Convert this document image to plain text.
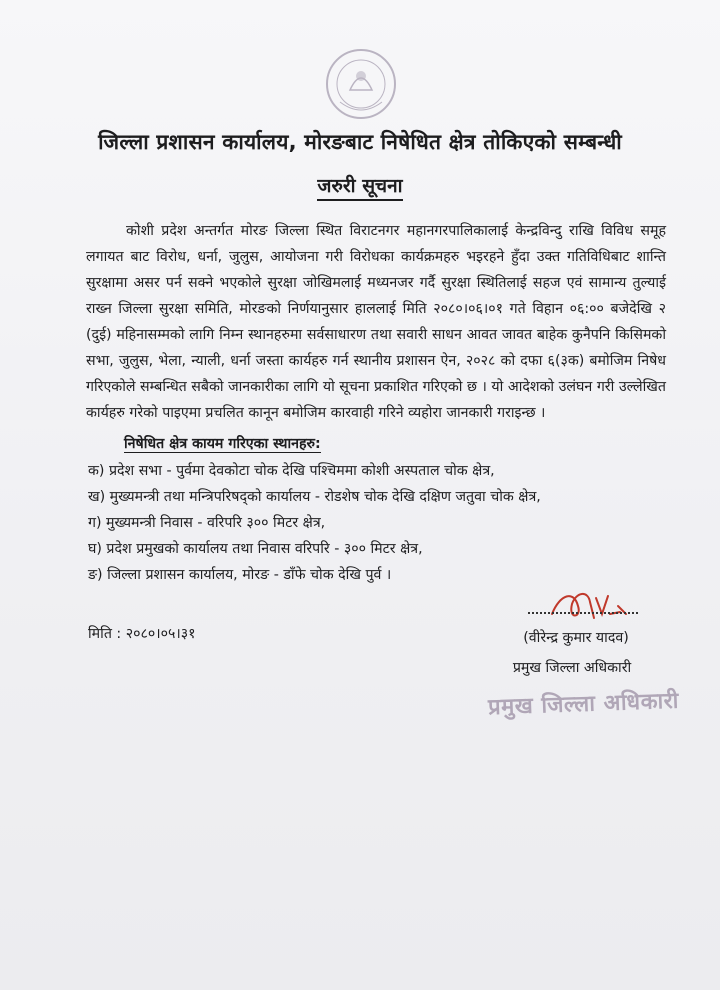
जिल्ला प्रशासन कार्यालय, मोरङबाट निषेधित क्षेत्र तोकिएको सम्बन्धी
जरुरी सूचना

कोशी प्रदेश अन्तर्गत मोरङ जिल्ला स्थित विराटनगर महानगरपालिकालाई केन्द्रविन्दु राखि विविध समूह लगायत बाट विरोध, धर्ना, जुलुस, आयोजना गरी विरोधका कार्यक्रमहरु भइरहने हुँदा उक्त गतिविधिबाट शान्ति सुरक्षामा असर पर्न सक्ने भएकोले सुरक्षा जोखिमलाई मध्यनजर गर्दै सुरक्षा स्थितिलाई सहज एवं सामान्य तुल्याई राख्न जिल्ला सुरक्षा समिति, मोरङको निर्णयानुसार हाललाई मिति २०८०।०६।०१ गते विहान ०६:०० बजेदेखि २ (दुई) महिनासम्मको लागि निम्न स्थानहरुमा सर्वसाधारण तथा सवारी साधन आवत जावत बाहेक कुनैपनि किसिमको सभा, जुलुस, भेला, न्याली, धर्ना जस्ता कार्यहरु गर्न स्थानीय प्रशासन ऐन, २०२८ को दफा ६(३क) बमोजिम निषेध गरिएकोले सम्बन्धित सबैको जानकारीका लागि यो सूचना प्रकाशित गरिएको छ । यो आदेशको उलंघन गरी उल्लेखित कार्यहरु गरेको पाइएमा प्रचलित कानून बमोजिम कारवाही गरिने व्यहोरा जानकारी गराइन्छ ।

निषेधित क्षेत्र कायम गरिएका स्थानहरु:
क) प्रदेश सभा - पुर्वमा देवकोटा चोक देखि पश्चिममा कोशी अस्पताल चोक क्षेत्र,
ख) मुख्यमन्त्री तथा मन्त्रिपरिषद्को कार्यालय - रोडशेष चोक देखि दक्षिण जतुवा चोक क्षेत्र,
ग) मुख्यमन्त्री निवास - वरिपरि ३०० मिटर क्षेत्र,
घ) प्रदेश प्रमुखको कार्यालय तथा निवास वरिपरि - ३०० मिटर क्षेत्र,
ङ) जिल्ला प्रशासन कार्यालय, मोरङ - डाँफे चोक देखि पुर्व ।
मिति : २०८०।०५।३१	(वीरेन्द्र कुमार यादव)
प्रमुख जिल्ला अधिकारी
प्रमुख जिल्ला अधिकारी
